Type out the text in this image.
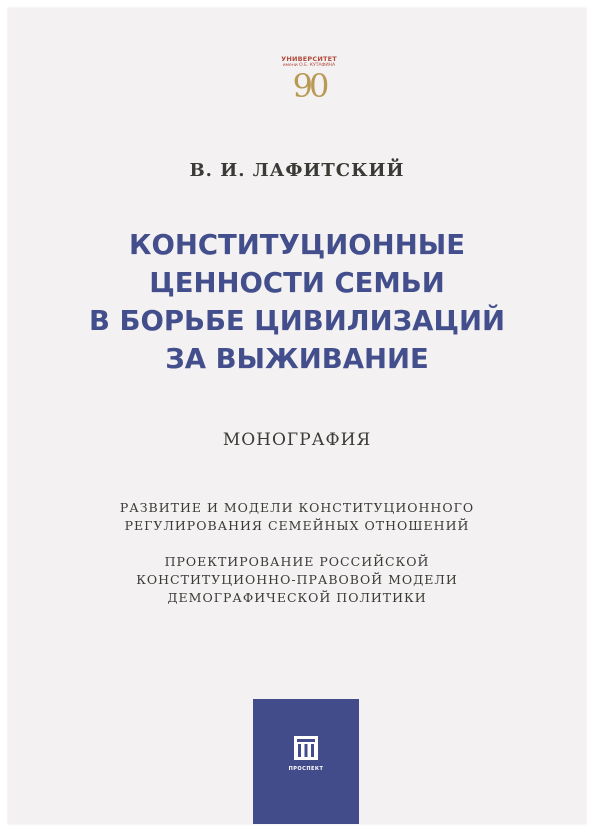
УНИВЕРСИТЕТ
имени О.Е. КУТАФИНА
90
В. И. ЛАФИТСКИЙ
КОНСТИТУЦИОННЫЕ
ЦЕННОСТИ СЕМЬИ
В БОРЬБЕ ЦИВИЛИЗАЦИЙ
ЗА ВЫЖИВАНИЕ
МОНОГРАФИЯ
РАЗВИТИЕ И МОДЕЛИ КОНСТИТУЦИОННОГО
РЕГУЛИРОВАНИЯ СЕМЕЙНЫХ ОТНОШЕНИЙ
ПРОЕКТИРОВАНИЕ РОССИЙСКОЙ
КОНСТИТУЦИОННО-ПРАВОВОЙ МОДЕЛИ
ДЕМОГРАФИЧЕСКОЙ ПОЛИТИКИ
ПРОСПЕКТ
